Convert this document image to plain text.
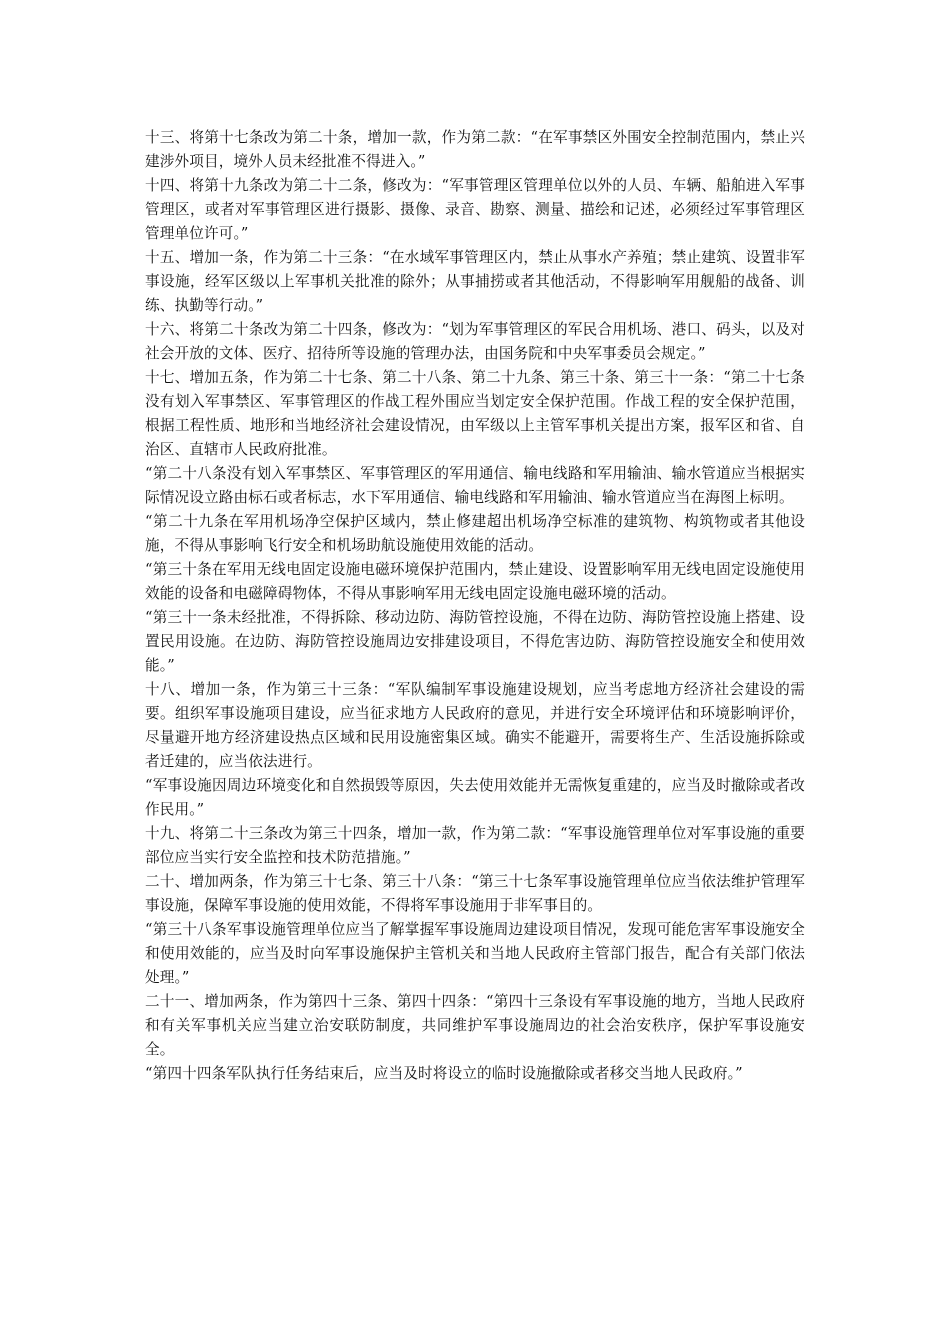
十三、将第十七条改为第二十条，增加一款，作为第二款：“在军事禁区外围安全控制范围内，禁止兴建涉外项目，境外人员未经批准不得进入。”

十四、将第十九条改为第二十二条，修改为：“军事管理区管理单位以外的人员、车辆、船舶进入军事管理区，或者对军事管理区进行摄影、摄像、录音、勘察、测量、描绘和记述，必须经过军事管理区管理单位许可。”

十五、增加一条，作为第二十三条：“在水域军事管理区内，禁止从事水产养殖；禁止建筑、设置非军事设施，经军区级以上军事机关批准的除外；从事捕捞或者其他活动，不得影响军用舰船的战备、训练、执勤等行动。”

十六、将第二十条改为第二十四条，修改为：“划为军事管理区的军民合用机场、港口、码头，以及对社会开放的文体、医疗、招待所等设施的管理办法，由国务院和中央军事委员会规定。”

十七、增加五条，作为第二十七条、第二十八条、第二十九条、第三十条、第三十一条：“第二十七条没有划入军事禁区、军事管理区的作战工程外围应当划定安全保护范围。作战工程的安全保护范围，根据工程性质、地形和当地经济社会建设情况，由军级以上主管军事机关提出方案，报军区和省、自治区、直辖市人民政府批准。

“第二十八条没有划入军事禁区、军事管理区的军用通信、输电线路和军用输油、输水管道应当根据实际情况设立路由标石或者标志，水下军用通信、输电线路和军用输油、输水管道应当在海图上标明。

“第二十九条在军用机场净空保护区域内，禁止修建超出机场净空标准的建筑物、构筑物或者其他设施，不得从事影响飞行安全和机场助航设施使用效能的活动。

“第三十条在军用无线电固定设施电磁环境保护范围内，禁止建设、设置影响军用无线电固定设施使用效能的设备和电磁障碍物体，不得从事影响军用无线电固定设施电磁环境的活动。

“第三十一条未经批准，不得拆除、移动边防、海防管控设施，不得在边防、海防管控设施上搭建、设置民用设施。在边防、海防管控设施周边安排建设项目，不得危害边防、海防管控设施安全和使用效能。”

十八、增加一条，作为第三十三条：“军队编制军事设施建设规划，应当考虑地方经济社会建设的需要。组织军事设施项目建设，应当征求地方人民政府的意见，并进行安全环境评估和环境影响评价，尽量避开地方经济建设热点区域和民用设施密集区域。确实不能避开，需要将生产、生活设施拆除或者迁建的，应当依法进行。

“军事设施因周边环境变化和自然损毁等原因，失去使用效能并无需恢复重建的，应当及时撤除或者改作民用。”

十九、将第二十三条改为第三十四条，增加一款，作为第二款：“军事设施管理单位对军事设施的重要部位应当实行安全监控和技术防范措施。”

二十、增加两条，作为第三十七条、第三十八条：“第三十七条军事设施管理单位应当依法维护管理军事设施，保障军事设施的使用效能，不得将军事设施用于非军事目的。

“第三十八条军事设施管理单位应当了解掌握军事设施周边建设项目情况，发现可能危害军事设施安全和使用效能的，应当及时向军事设施保护主管机关和当地人民政府主管部门报告，配合有关部门依法处理。”

二十一、增加两条，作为第四十三条、第四十四条：“第四十三条设有军事设施的地方，当地人民政府和有关军事机关应当建立治安联防制度，共同维护军事设施周边的社会治安秩序，保护军事设施安全。

“第四十四条军队执行任务结束后，应当及时将设立的临时设施撤除或者移交当地人民政府。”
